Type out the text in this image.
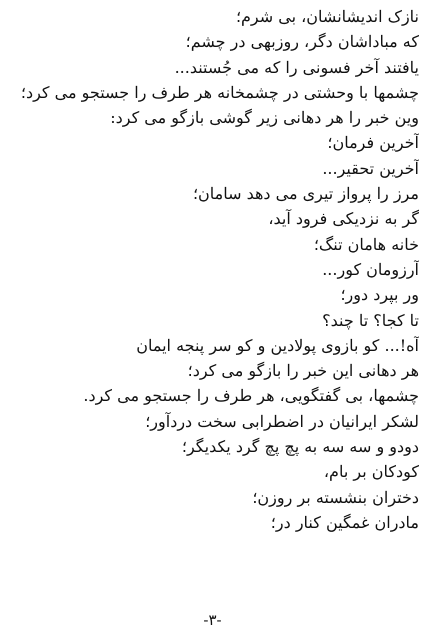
نازک اندیشانشان، بی شرم؛
که مباداشان دگر، روزبهی در چشم؛
یافتند آخر فسونی را که می جُستند...
چشمها با وحشتی در چشمخانه هر طرف را جستجو می کرد؛
وین خبر را هر دهانی زیر گوشی بازگو می کرد:
آخرین فرمان؛
آخرین تحقیر...
مرز را پرواز تیری می دهد سامان؛
گر به نزدیکی فرود آید،
خانه هامان تنگ؛
آرزومان کور...
ور بپرد دور؛
تا کجا؟ تا چند؟
آه!... کو بازوی پولادین و کو سر پنجه ایمان
هر دهانی این خبر را بازگو می کرد؛
چشمها، بی گفتگویی، هر طرف را جستجو می کرد.
لشکر ایرانیان در اضطرابی سخت دردآور؛
دودو و سه سه به پچ پچ گرد یکدیگر؛
کودکان بر بام،
دختران بنشسته بر روزن؛
مادران غمگین کنار در؛
-۳-
